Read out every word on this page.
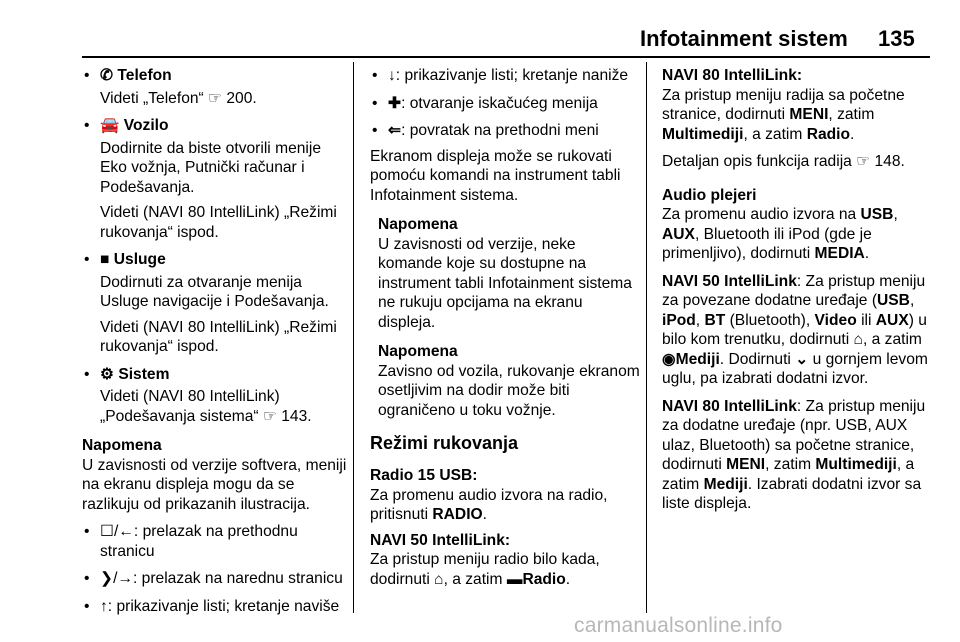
Infotainment sistem 135

• ✆ Telefon

Videti „Telefon“ ☞ 200.

• 🚘 Vozilo

Dodirnite da biste otvorili menije Eko vožnja, Putnički računar i Podešavanja.

Videti (NAVI 80 IntelliLink) „Režimi rukovanja“ ispod.

• ■ Usluge

Dodirnuti za otvaranje menija Usluge navigacije i Podešavanja.

Videti (NAVI 80 IntelliLink) „Režimi rukovanja“ ispod.

• ⚙ Sistem

Videti (NAVI 80 IntelliLink) „Podešavanja sistema“ ☞ 143.

Napomena

U zavisnosti od verzije softvera, meniji na ekranu displeja mogu da se razlikuju od prikazanih ilustracija.

• ☐/←: prelazak na prethodnu stranicu

• ❯/→: prelazak na narednu stranicu

• ↑: prikazivanje listi; kretanje naviše

• ↓: prikazivanje listi; kretanje naniže

• ✚: otvaranje iskačućeg menija

• ⇐: povratak na prethodni meni

Ekranom displeja može se rukovati pomoću komandi na instrument tabli Infotainment sistema.

Napomena

U zavisnosti od verzije, neke komande koje su dostupne na instrument tabli Infotainment sistema ne rukuju opcijama na ekranu displeja.

Napomena

Zavisno od vozila, rukovanje ekranom osetljivim na dodir može biti ograničeno u toku vožnje.

Režimi rukovanja

Radio 15 USB:

Za promenu audio izvora na radio, pritisnuti RADIO.

NAVI 50 IntelliLink:

Za pristup meniju radio bilo kada, dodirnuti ⌂, a zatim ▬Radio.

NAVI 80 IntelliLink:

Za pristup meniju radija sa početne stranice, dodirnuti MENI, zatim Multimediji, a zatim Radio.

Detaljan opis funkcija radija ☞ 148.

Audio plejeri

Za promenu audio izvora na USB, AUX, Bluetooth ili iPod (gde je primenljivo), dodirnuti MEDIA.

NAVI 50 IntelliLink: Za pristup meniju za povezane dodatne uređaje (USB, iPod, BT (Bluetooth), Video ili AUX) u bilo kom trenutku, dodirnuti ⌂, a zatim ◉Mediji. Dodirnuti ⌄ u gornjem levom uglu, pa izabrati dodatni izvor.

NAVI 80 IntelliLink: Za pristup meniju za dodatne uređaje (npr. USB, AUX ulaz, Bluetooth) sa početne stranice, dodirnuti MENI, zatim Multimediji, a zatim Mediji. Izabrati dodatni izvor sa liste displeja.

carmanualsonline.info
